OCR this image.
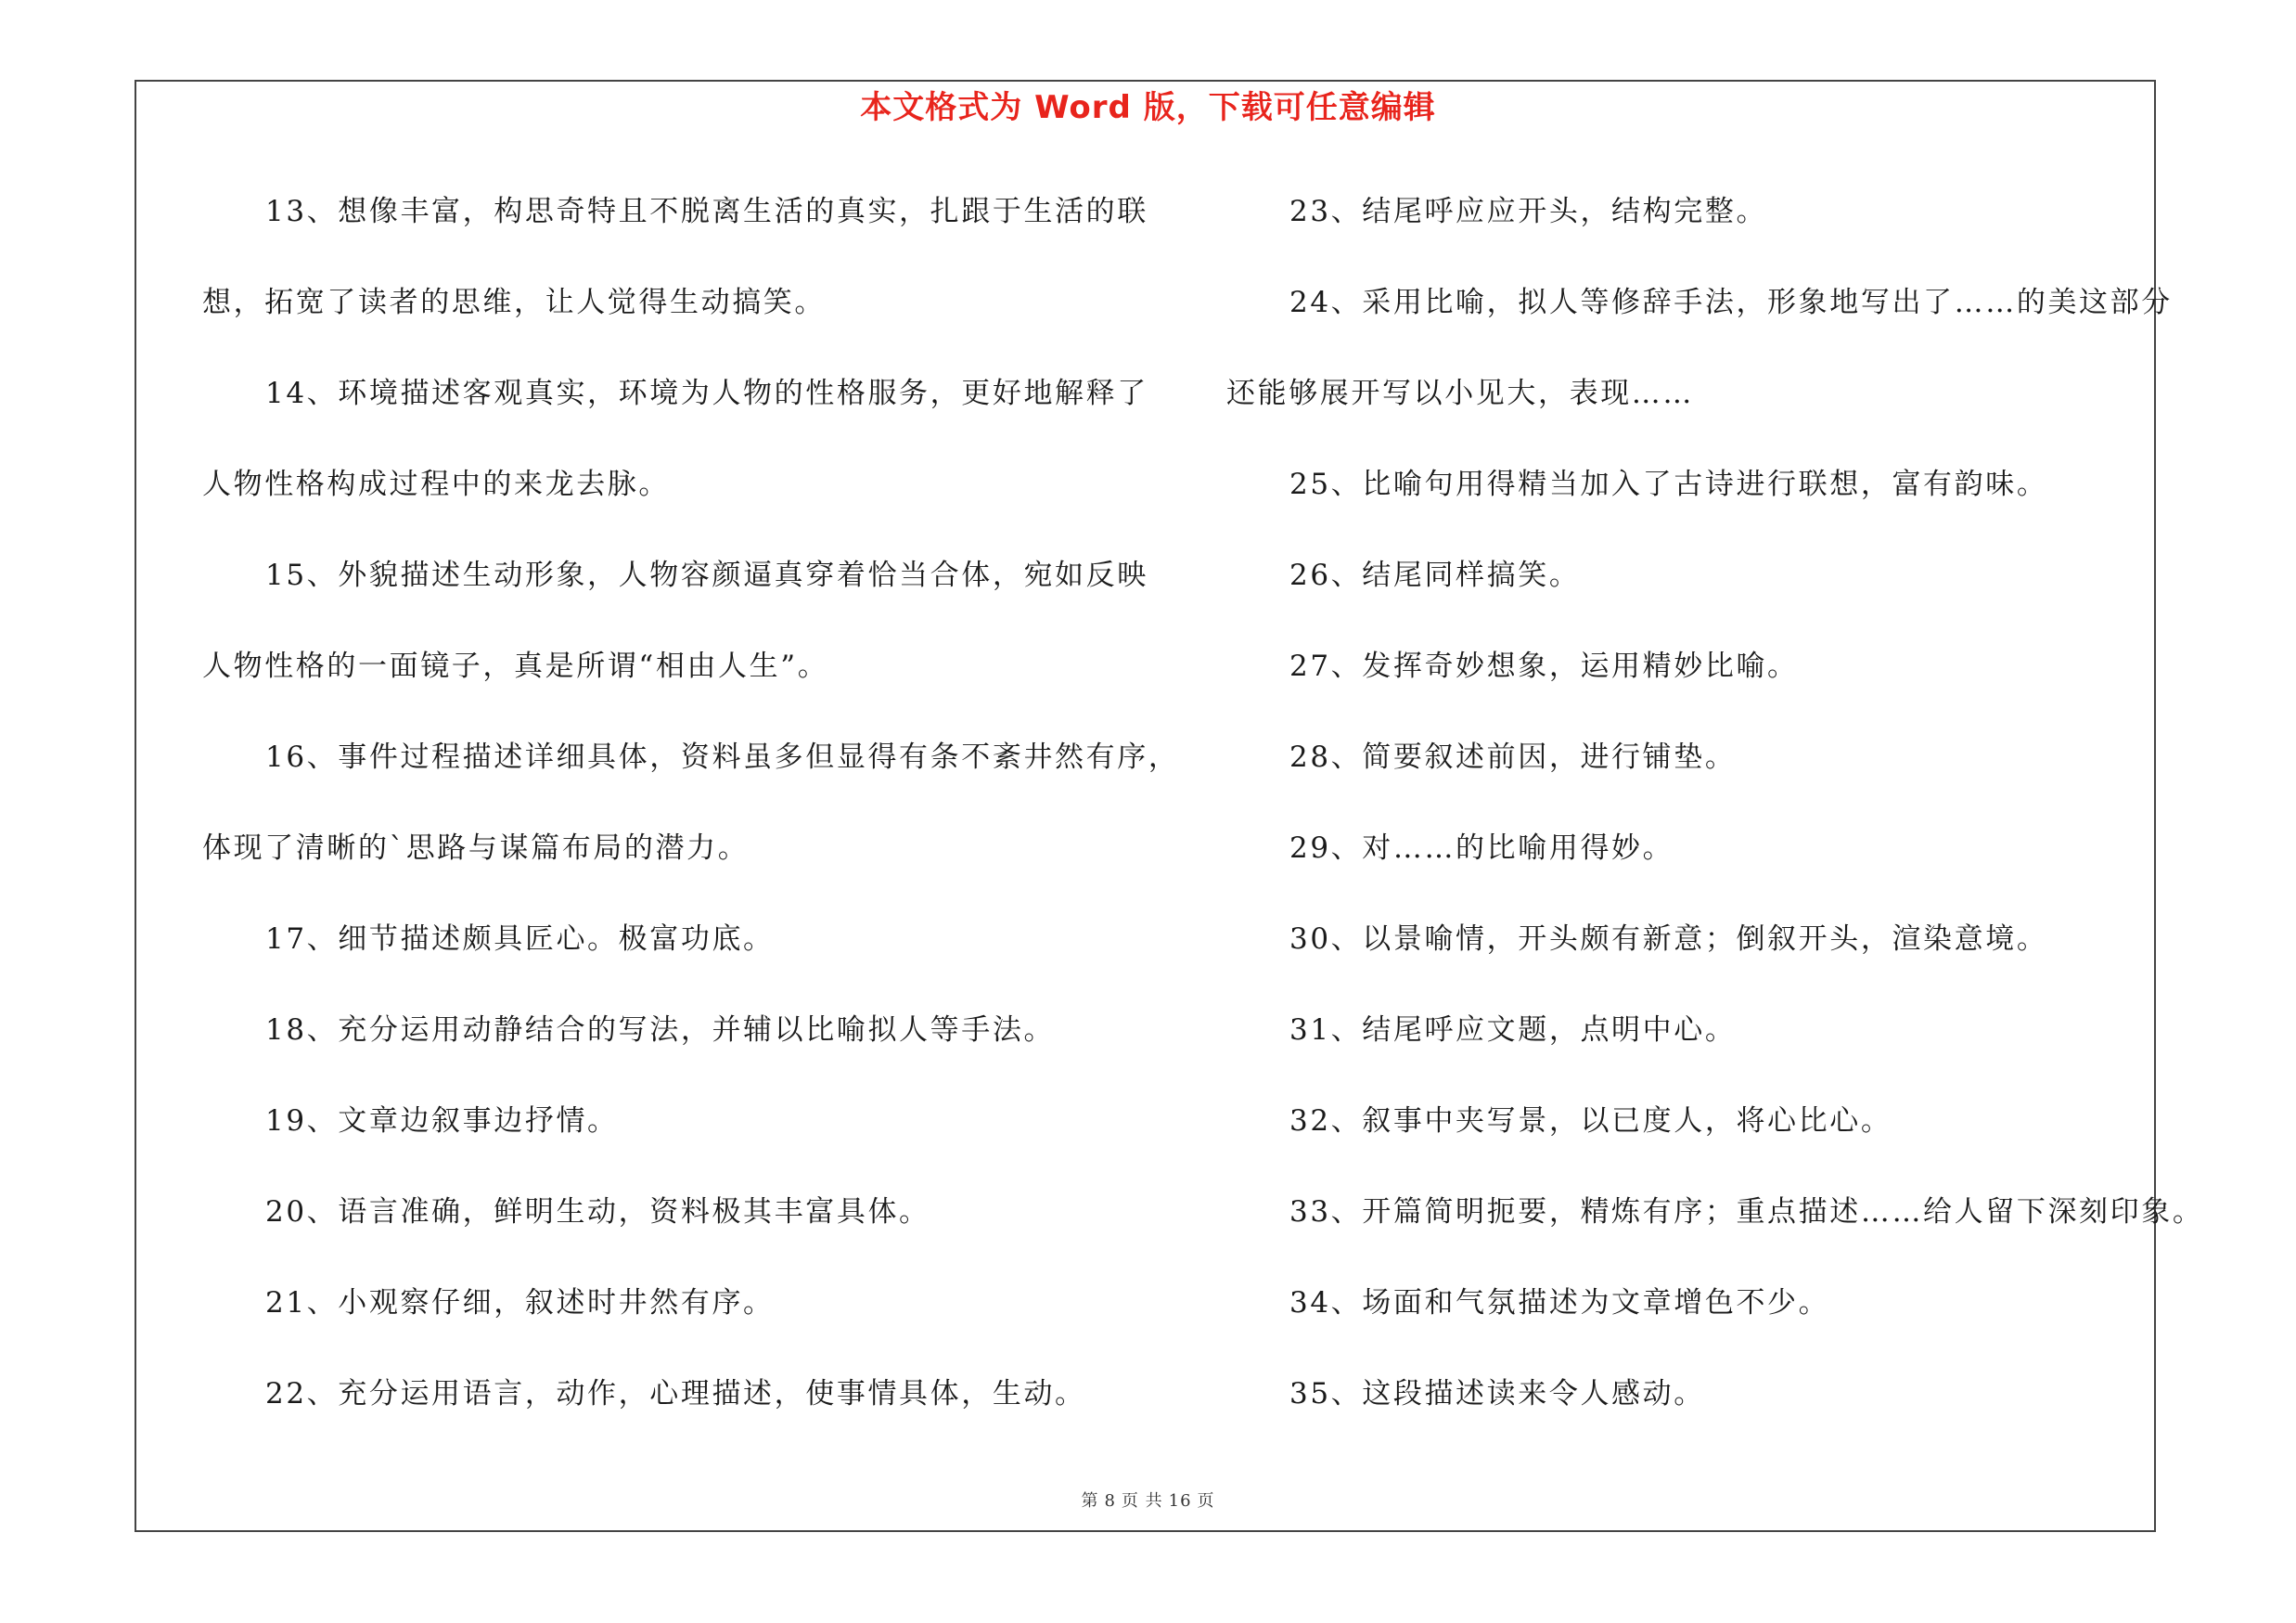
本文格式为 Word 版，下载可任意编辑
13、想像丰富，构思奇特且不脱离生活的真实，扎跟于生活的联
想，拓宽了读者的思维，让人觉得生动搞笑。
14、环境描述客观真实，环境为人物的性格服务，更好地解释了
人物性格构成过程中的来龙去脉。
15、外貌描述生动形象，人物容颜逼真穿着恰当合体，宛如反映
人物性格的一面镜子，真是所谓“相由人生”。
16、事件过程描述详细具体，资料虽多但显得有条不紊井然有序，
体现了清晰的`思路与谋篇布局的潜力。
17、细节描述颇具匠心。极富功底。
18、充分运用动静结合的写法，并辅以比喻拟人等手法。
19、文章边叙事边抒情。
20、语言准确，鲜明生动，资料极其丰富具体。
21、小观察仔细，叙述时井然有序。
22、充分运用语言，动作，心理描述，使事情具体，生动。
23、结尾呼应应开头，结构完整。
24、采用比喻，拟人等修辞手法，形象地写出了……的美这部分
还能够展开写以小见大，表现……
25、比喻句用得精当加入了古诗进行联想，富有韵味。
26、结尾同样搞笑。
27、发挥奇妙想象，运用精妙比喻。
28、简要叙述前因，进行铺垫。
29、对……的比喻用得妙。
30、以景喻情，开头颇有新意；倒叙开头，渲染意境。
31、结尾呼应文题，点明中心。
32、叙事中夹写景，以已度人，将心比心。
33、开篇简明扼要，精炼有序；重点描述……给人留下深刻印象。
34、场面和气氛描述为文章增色不少。
35、这段描述读来令人感动。
第 8 页 共 16 页
